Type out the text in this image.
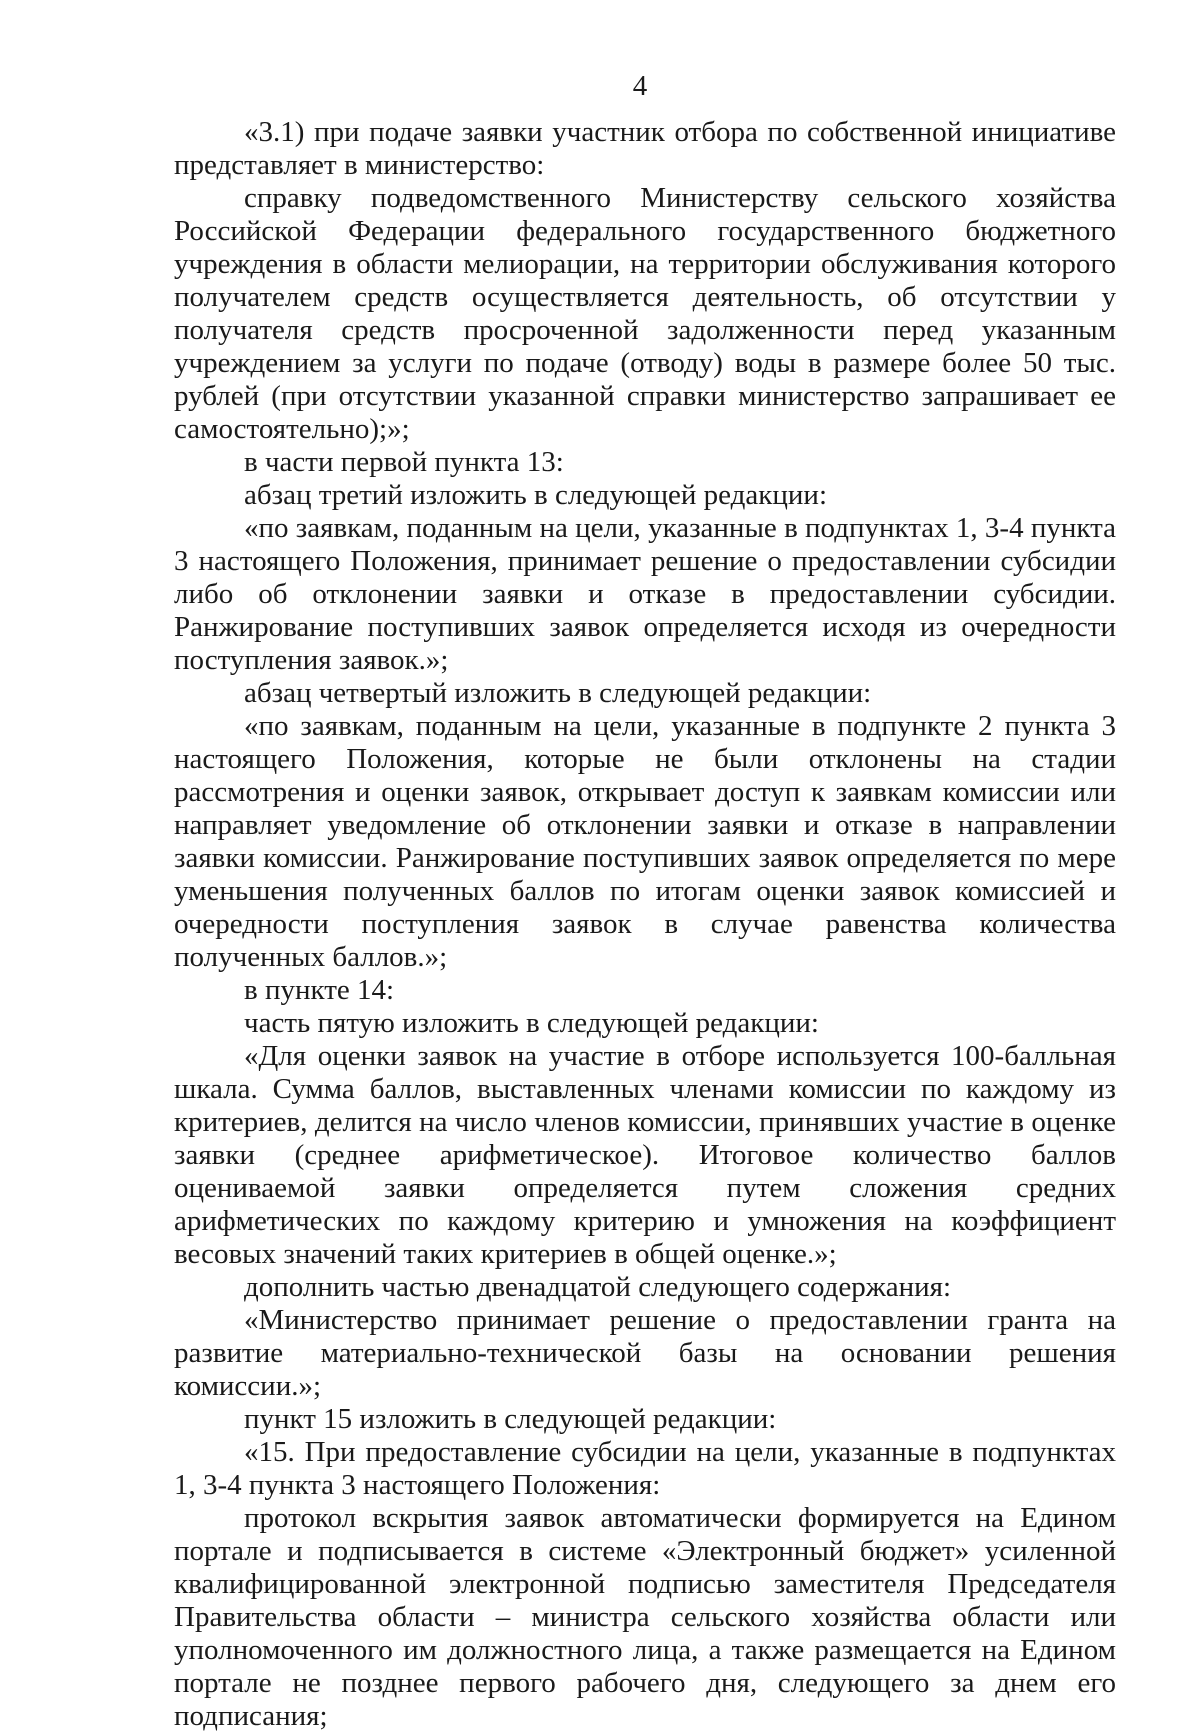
4

«3.1) при подаче заявки участник отбора по собственной инициативе представляет в министерство:

справку подведомственного Министерству сельского хозяйства Российской Федерации федерального государственного бюджетного учреждения в области мелиорации, на территории обслуживания которого получателем средств осуществляется деятельность, об отсутствии у получателя средств просроченной задолженности перед указанным учреждением за услуги по подаче (отводу) воды в размере более 50 тыс. рублей (при отсутствии указанной справки министерство запрашивает ее самостоятельно);»;

в части первой пункта 13:

абзац третий изложить в следующей редакции:

«по заявкам, поданным на цели, указанные в подпунктах 1, 3-4 пункта 3 настоящего Положения, принимает решение о предоставлении субсидии либо об отклонении заявки и отказе в предоставлении субсидии. Ранжирование поступивших заявок определяется исходя из очередности поступления заявок.»;

абзац четвертый изложить в следующей редакции:

«по заявкам, поданным на цели, указанные в подпункте 2 пункта 3 настоящего Положения, которые не были отклонены на стадии рассмотрения и оценки заявок, открывает доступ к заявкам комиссии или направляет уведомление об отклонении заявки и отказе в направлении заявки комиссии. Ранжирование поступивших заявок определяется по мере уменьшения полученных баллов по итогам оценки заявок комиссией и очередности поступления заявок в случае равенства количества полученных баллов.»;

в пункте 14:

часть пятую изложить в следующей редакции:

«Для оценки заявок на участие в отборе используется 100-балльная шкала. Сумма баллов, выставленных членами комиссии по каждому из критериев, делится на число членов комиссии, принявших участие в оценке заявки (среднее арифметическое). Итоговое количество баллов оцениваемой заявки определяется путем сложения средних арифметических по каждому критерию и умножения на коэффициент весовых значений таких критериев в общей оценке.»;

дополнить частью двенадцатой следующего содержания:

«Министерство принимает решение о предоставлении гранта на развитие материально-технической базы на основании решения комиссии.»;

пункт 15 изложить в следующей редакции:

«15. При предоставление субсидии на цели, указанные в подпунктах 1, 3-4 пункта 3 настоящего Положения:

протокол вскрытия заявок автоматически формируется на Едином портале и подписывается в системе «Электронный бюджет» усиленной квалифицированной электронной подписью заместителя Председателя Правительства области – министра сельского хозяйства области или уполномоченного им должностного лица, а также размещается на Едином портале не позднее первого рабочего дня, следующего за днем его подписания;
